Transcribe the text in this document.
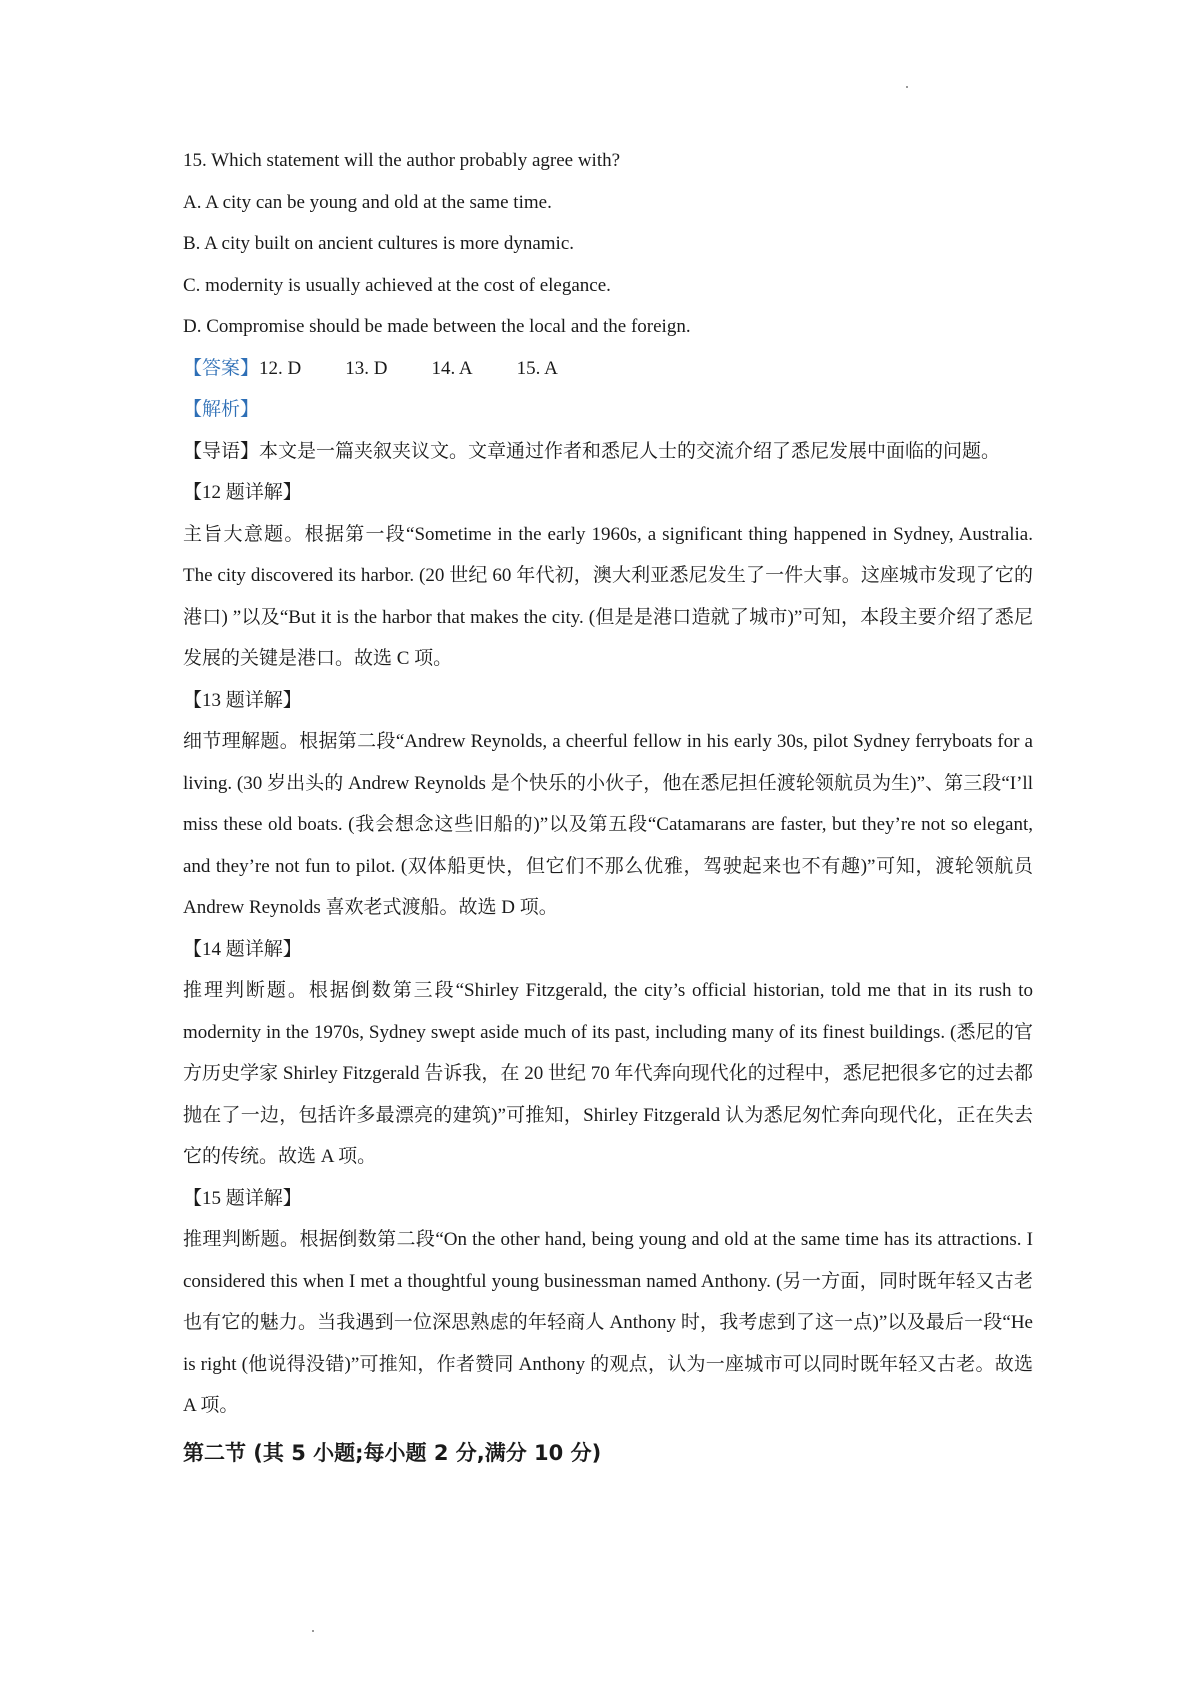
15. Which statement will the author probably agree with?
A. A city can be young and old at the same time.
B. A city built on ancient cultures is more dynamic.
C. modernity is usually achieved at the cost of elegance.
D. Compromise should be made between the local and the foreign.
【答案】12. D 13. D 14. A 15. A
【解析】
【导语】本文是一篇夹叙夹议文。文章通过作者和悉尼人士的交流介绍了悉尼发展中面临的问题。
【12 题详解】
主旨大意题。根据第一段“Sometime in the early 1960s, a significant thing happened in Sydney, Australia. The city discovered its harbor. (20 世纪 60 年代初，澳大利亚悉尼发生了一件大事。这座城市发现了它的港口) ”以及“But it is the harbor that makes the city. (但是是港口造就了城市)”可知，本段主要介绍了悉尼发展的关键是港口。故选 C 项。
【13 题详解】
细节理解题。根据第二段“Andrew Reynolds, a cheerful fellow in his early 30s, pilot Sydney ferryboats for a living. (30 岁出头的 Andrew Reynolds 是个快乐的小伙子，他在悉尼担任渡轮领航员为生)”、第三段“I’ll miss these old boats. (我会想念这些旧船的)”以及第五段“Catamarans are faster, but they’re not so elegant, and they’re not fun to pilot. (双体船更快，但它们不那么优雅，驾驶起来也不有趣)”可知，渡轮领航员 Andrew Reynolds 喜欢老式渡船。故选 D 项。
【14 题详解】
推理判断题。根据倒数第三段“Shirley Fitzgerald, the city’s official historian, told me that in its rush to modernity in the 1970s, Sydney swept aside much of its past, including many of its finest buildings. (悉尼的官方历史学家 Shirley Fitzgerald 告诉我，在 20 世纪 70 年代奔向现代化的过程中，悉尼把很多它的过去都抛在了一边，包括许多最漂亮的建筑)”可推知，Shirley Fitzgerald 认为悉尼匆忙奔向现代化，正在失去它的传统。故选 A 项。
【15 题详解】
推理判断题。根据倒数第二段“On the other hand, being young and old at the same time has its attractions. I considered this when I met a thoughtful young businessman named Anthony. (另一方面，同时既年轻又古老也有它的魅力。当我遇到一位深思熟虑的年轻商人 Anthony 时，我考虑到了这一点)”以及最后一段“He is right (他说得没错)”可推知，作者赞同 Anthony 的观点，认为一座城市可以同时既年轻又古老。故选 A 项。
第二节 (其 5 小题;每小题 2 分,满分 10 分)
